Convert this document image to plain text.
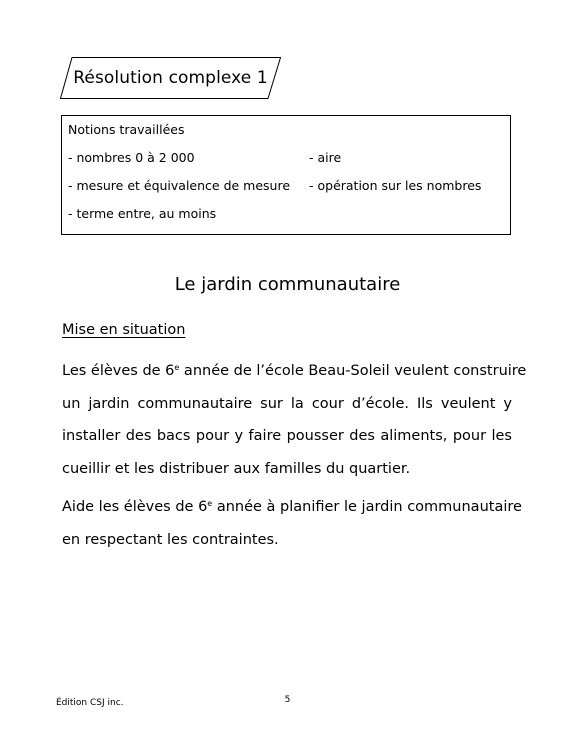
Résolution complexe 1
Notions travaillées
- nombres 0 à 2 000
- mesure et équivalence de mesure
- terme entre, au moins
- aire
- opération sur les nombres
Le jardin communautaire
Mise en situation
Les élèves de 6e année de l’école Beau-Soleil veulent construire
un jardin communautaire sur la cour d’école. Ils veulent y
installer des bacs pour y faire pousser des aliments, pour les
cueillir et les distribuer aux familles du quartier.
Aide les élèves de 6e année à planifier le jardin communautaire
en respectant les contraintes.
5
Édition CSJ inc.
